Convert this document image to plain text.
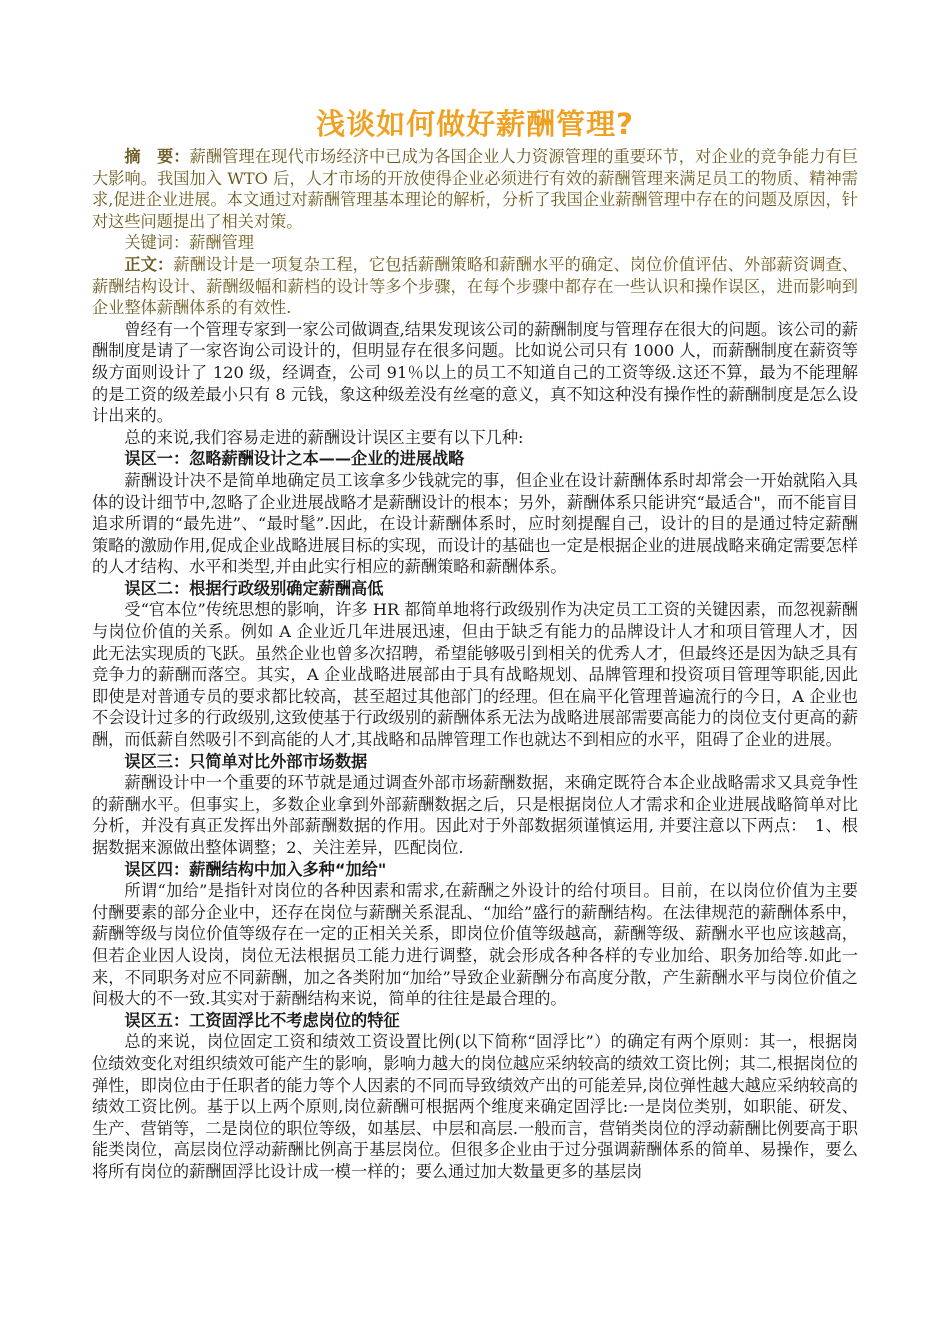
浅谈如何做好薪酬管理?

摘　要：薪酬管理在现代市场经济中已成为各国企业人力资源管理的重要环节，对企业的竞争能力有巨大影响。我国加入 WTO 后，人才市场的开放使得企业必须进行有效的薪酬管理来满足员工的物质、精神需求,促进企业进展。本文通过对薪酬管理基本理论的解析，分析了我国企业薪酬管理中存在的问题及原因，针对这些问题提出了相关对策。

关键词：薪酬管理

正文：薪酬设计是一项复杂工程，它包括薪酬策略和薪酬水平的确定、岗位价值评估、外部薪资调查、薪酬结构设计、薪酬级幅和薪档的设计等多个步骤，在每个步骤中都存在一些认识和操作误区，进而影响到企业整体薪酬体系的有效性.

曾经有一个管理专家到一家公司做调查,结果发现该公司的薪酬制度与管理存在很大的问题。该公司的薪酬制度是请了一家咨询公司设计的，但明显存在很多问题。比如说公司只有 1000 人，而薪酬制度在薪资等级方面则设计了 120 级，经调查，公司 91％以上的员工不知道自己的工资等级.这还不算，最为不能理解的是工资的级差最小只有 8 元钱，象这种级差没有丝毫的意义，真不知这种没有操作性的薪酬制度是怎么设计出来的。

总的来说,我们容易走进的薪酬设计误区主要有以下几种:

误区一：忽略薪酬设计之本——企业的进展战略

薪酬设计决不是简单地确定员工该拿多少钱就完的事，但企业在设计薪酬体系时却常会一开始就陷入具体的设计细节中,忽略了企业进展战略才是薪酬设计的根本；另外，薪酬体系只能讲究“最适合"，而不能盲目追求所谓的“最先进”、“最时髦”.因此，在设计薪酬体系时，应时刻提醒自己，设计的目的是通过特定薪酬策略的激励作用,促成企业战略进展目标的实现，而设计的基础也一定是根据企业的进展战略来确定需要怎样的人才结构、水平和类型,并由此实行相应的薪酬策略和薪酬体系。

误区二：根据行政级别确定薪酬高低

受“官本位”传统思想的影响，许多 HR 都简单地将行政级别作为决定员工工资的关键因素，而忽视薪酬与岗位价值的关系。例如 A 企业近几年进展迅速，但由于缺乏有能力的品牌设计人才和项目管理人才，因此无法实现质的飞跃。虽然企业也曾多次招聘，希望能够吸引到相关的优秀人才，但最终还是因为缺乏具有竞争力的薪酬而落空。其实，A 企业战略进展部由于具有战略规划、品牌管理和投资项目管理等职能,因此即使是对普通专员的要求都比较高，甚至超过其他部门的经理。但在扁平化管理普遍流行的今日，A 企业也不会设计过多的行政级别,这致使基于行政级别的薪酬体系无法为战略进展部需要高能力的岗位支付更高的薪酬，而低薪自然吸引不到高能的人才,其战略和品牌管理工作也就达不到相应的水平，阻碍了企业的进展。

误区三：只简单对比外部市场数据

薪酬设计中一个重要的环节就是通过调查外部市场薪酬数据，来确定既符合本企业战略需求又具竞争性的薪酬水平。但事实上，多数企业拿到外部薪酬数据之后，只是根据岗位人才需求和企业进展战略简单对比分析，并没有真正发挥出外部薪酬数据的作用。因此对于外部数据须谨慎运用, 并要注意以下两点：　1、根据数据来源做出整体调整；2、关注差异，匹配岗位.

误区四：薪酬结构中加入多种“加给"

所谓“加给”是指针对岗位的各种因素和需求,在薪酬之外设计的给付项目。目前，在以岗位价值为主要付酬要素的部分企业中，还存在岗位与薪酬关系混乱、“加给”盛行的薪酬结构。在法律规范的薪酬体系中，薪酬等级与岗位价值等级存在一定的正相关关系，即岗位价值等级越高，薪酬等级、薪酬水平也应该越高，但若企业因人设岗，岗位无法根据员工能力进行调整，就会形成各种各样的专业加给、职务加给等.如此一来，不同职务对应不同薪酬，加之各类附加“加给”导致企业薪酬分布高度分散，产生薪酬水平与岗位价值之间极大的不一致.其实对于薪酬结构来说，简单的往往是最合理的。

误区五：工资固浮比不考虑岗位的特征

总的来说，岗位固定工资和绩效工资设置比例(以下简称“固浮比”）的确定有两个原则：其一，根据岗位绩效变化对组织绩效可能产生的影响，影响力越大的岗位越应采纳较高的绩效工资比例；其二,根据岗位的弹性，即岗位由于任职者的能力等个人因素的不同而导致绩效产出的可能差异,岗位弹性越大越应采纳较高的绩效工资比例。基于以上两个原则,岗位薪酬可根据两个维度来确定固浮比:一是岗位类别，如职能、研发、生产、营销等，二是岗位的职位等级，如基层、中层和高层.一般而言，营销类岗位的浮动薪酬比例要高于职能类岗位，高层岗位浮动薪酬比例高于基层岗位。但很多企业由于过分强调薪酬体系的简单、易操作，要么将所有岗位的薪酬固浮比设计成一模一样的；要么通过加大数量更多的基层岗
